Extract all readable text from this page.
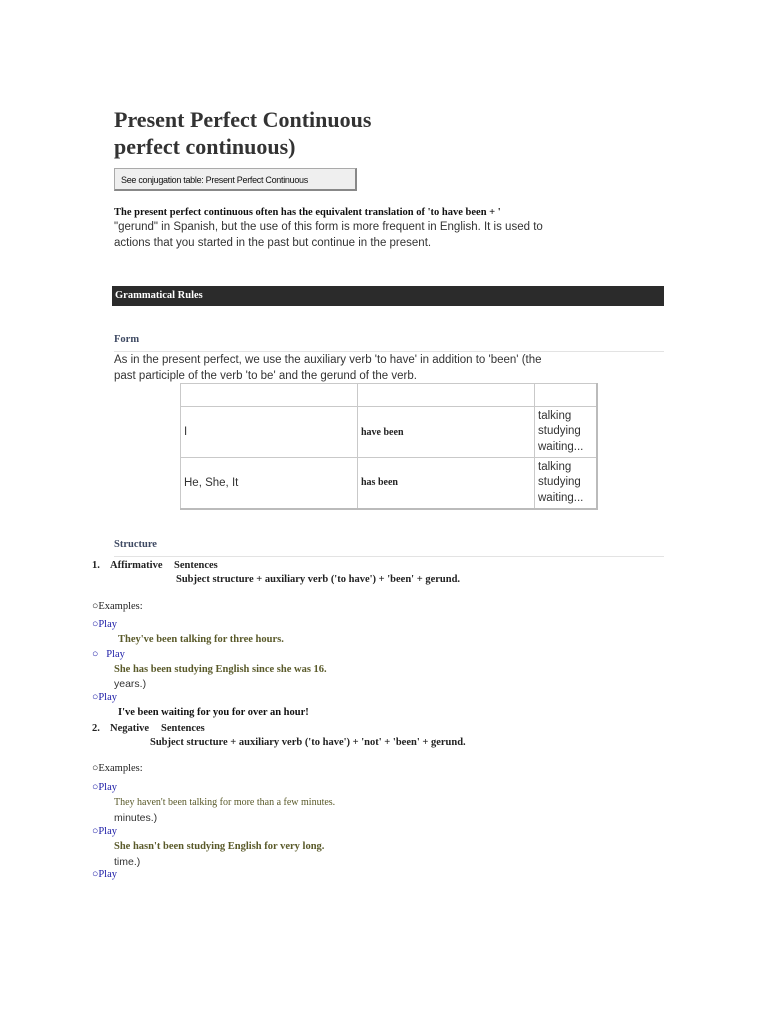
Present Perfect Continuous
perfect continuous)
See conjugation table: Present Perfect Continuous
The present perfect continuous often has the equivalent translation of 'to have been + '
"gerund" in Spanish, but the use of this form is more frequent in English. It is used to
actions that you started in the past but continue in the present.
Grammatical Rules
Form
As in the present perfect, we use the auxiliary verb 'to have' in addition to 'been' (the
past participle of the verb 'to be' and the gerund of the verb.

I	have been	talking
studying
waiting...

He, She, It	has been	talking
studying
waiting...
Structure
1. Affirmative Sentences
Subject structure + auxiliary verb ('to have') + 'been' + gerund.
○Examples:
○Play
They've been talking for three hours.
○   Play
She has been studying English since she was 16.
years.)
○Play
I've been waiting for you for over an hour!
2. Negative Sentences
Subject structure + auxiliary verb ('to have') + 'not' + 'been' + gerund.
○Examples:
○Play
They haven't been talking for more than a few minutes.
minutes.)
○Play
She hasn't been studying English for very long.
time.)
○Play
